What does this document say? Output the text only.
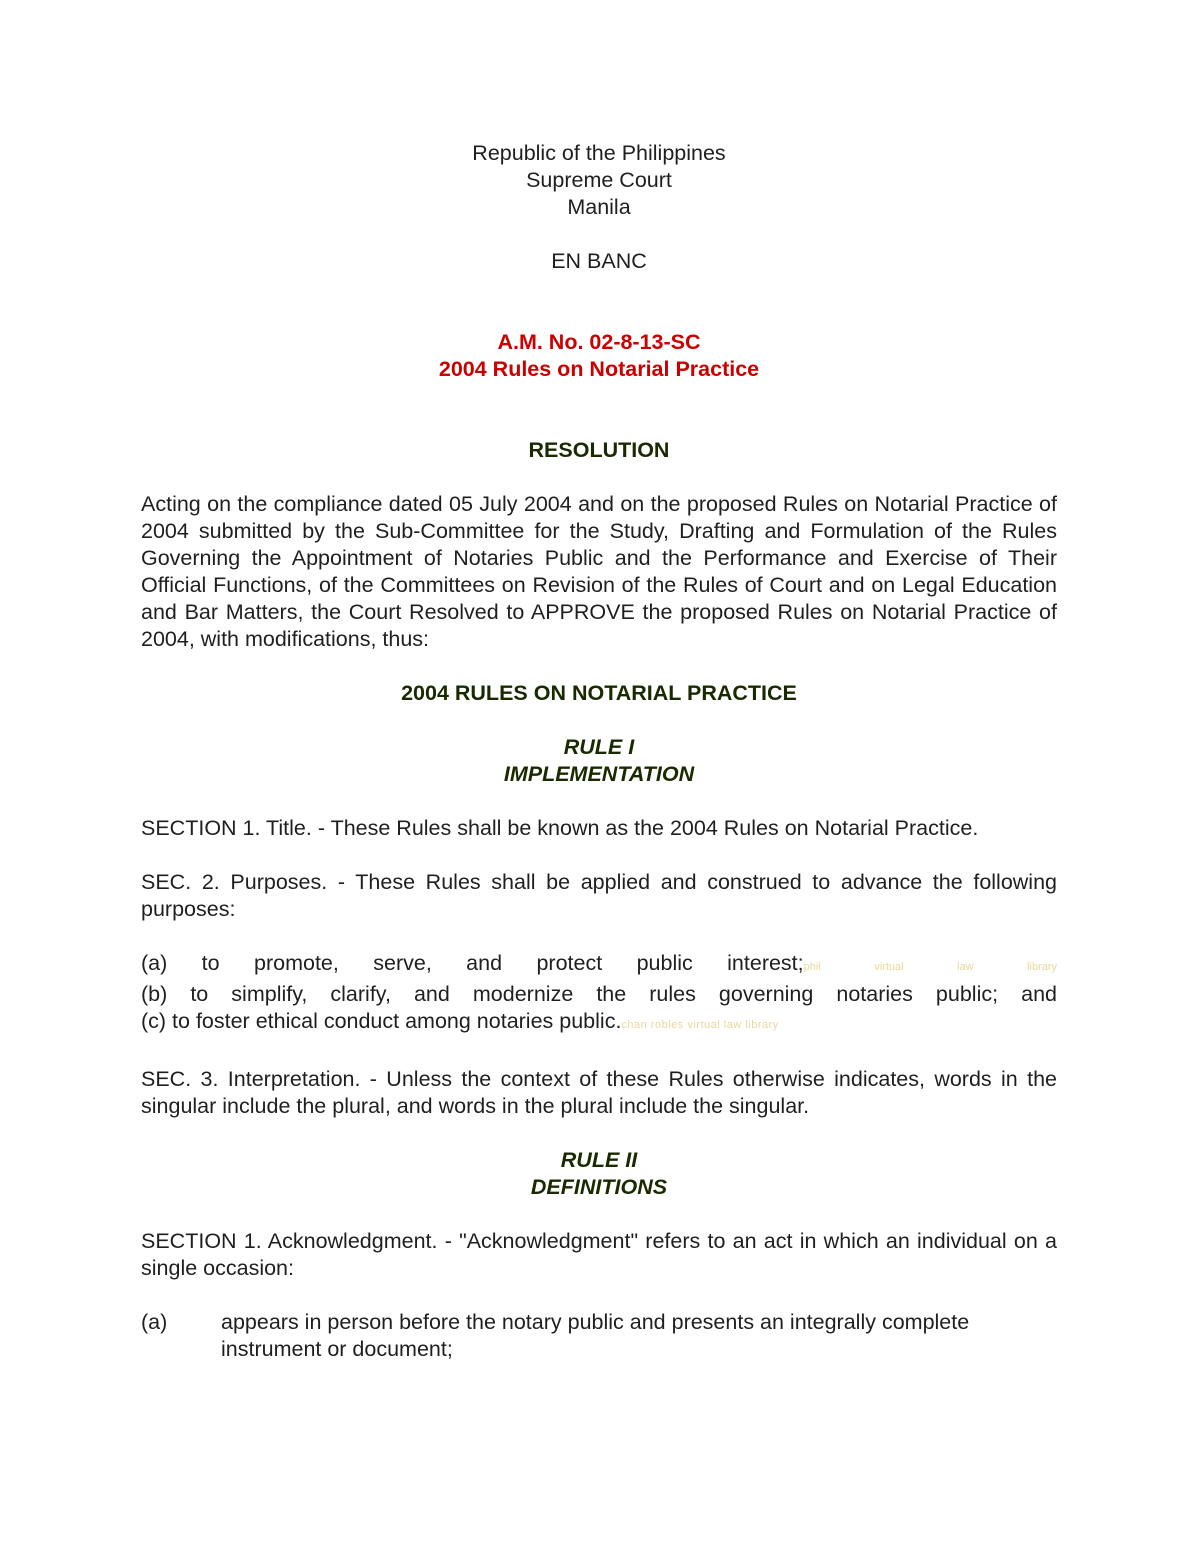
Republic of the Philippines

Supreme Court

Manila

EN BANC

A.M. No. 02-8-13-SC

2004 Rules on Notarial Practice

RESOLUTION

Acting on the compliance dated 05 July 2004 and on the proposed Rules on Notarial Practice of 2004 submitted by the Sub-Committee for the Study, Drafting and Formulation of the Rules Governing the Appointment of Notaries Public and the Performance and Exercise of Their Official Functions, of the Committees on Revision of the Rules of Court and on Legal Education and Bar Matters, the Court Resolved to APPROVE the proposed Rules on Notarial Practice of 2004, with modifications, thus:

2004 RULES ON NOTARIAL PRACTICE

RULE I

IMPLEMENTATION

SECTION 1. Title. - These Rules shall be known as the 2004 Rules on Notarial Practice.

SEC. 2. Purposes. - These Rules shall be applied and construed to advance the following purposes:

(a) to promote, serve, and protect public interest;phil virtual law library

(b) to simplify, clarify, and modernize the rules governing notaries public; and

(c) to foster ethical conduct among notaries public.chan robles virtual law library

SEC. 3. Interpretation. - Unless the context of these Rules otherwise indicates, words in the singular include the plural, and words in the plural include the singular.

RULE II

DEFINITIONS

SECTION 1. Acknowledgment. - "Acknowledgment" refers to an act in which an individual on a single occasion:

(a)	appears in person before the notary public and presents an integrally complete instrument or document;
